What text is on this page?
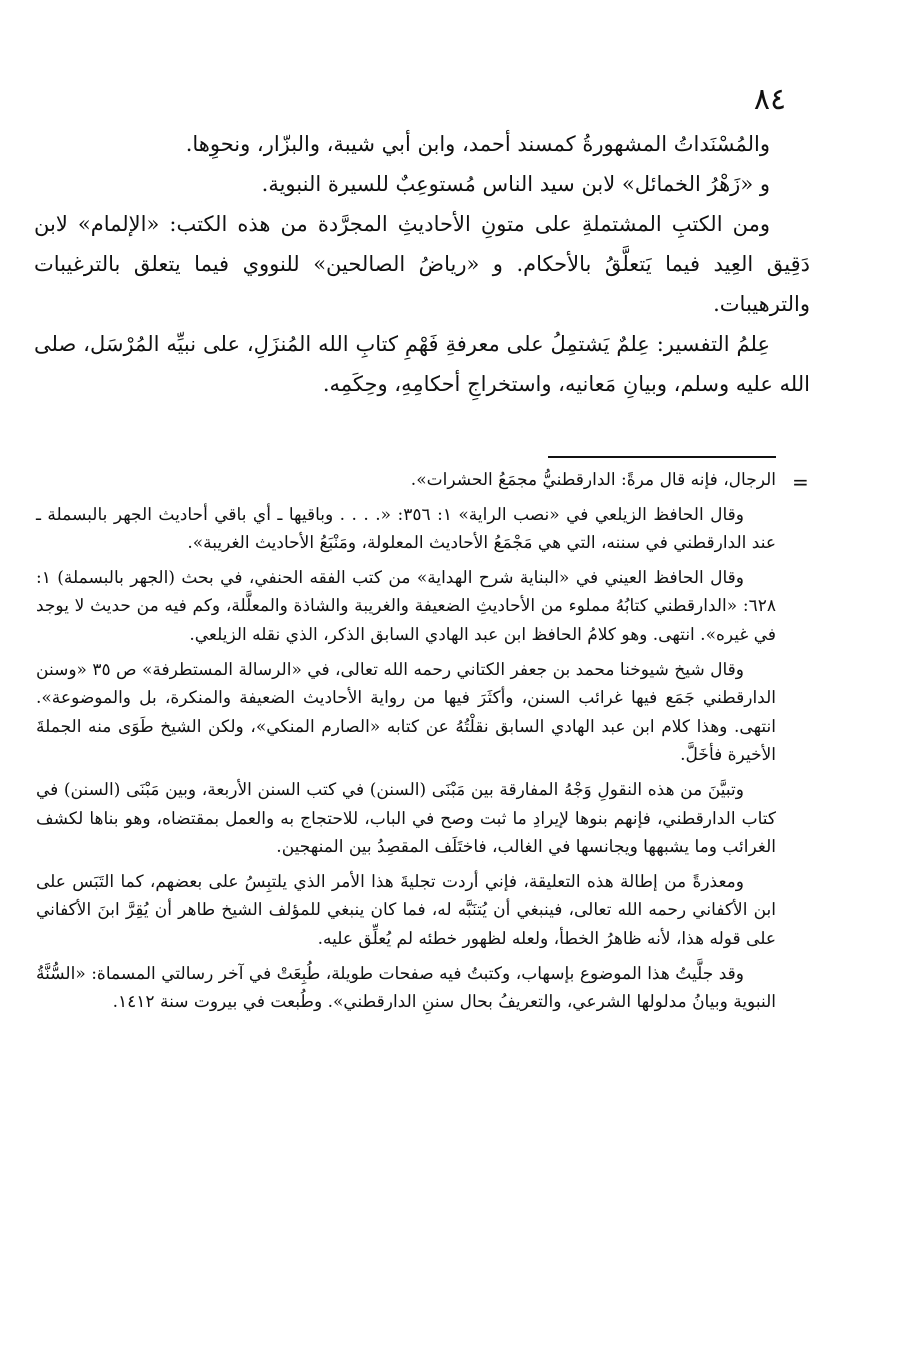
٨٤

والمُسْنَداتُ المشهورةُ كمسند أحمد، وابن أبي شيبة، والبزّار، ونحوِها.

و «زَهْرُ الخمائل» لابن سيد الناس مُستوعِبٌ للسيرة النبوية.

ومن الكتبِ المشتملةِ على متونِ الأحاديثِ المجرَّدة من هذه الكتب: «الإلمام» لابن دَقِيق العِيد فيما يَتعلَّقُ بالأحكام. و «رياضُ الصالحين» للنووي فيما يتعلق بالترغيبات والترهيبات.

عِلمُ التفسير: عِلمٌ يَشتمِلُ على معرفةِ فَهْمِ كتابِ الله المُنزَلِ، على نبيِّه المُرْسَل، صلى الله عليه وسلم، وبيانِ مَعانيه، واستخراجِ أحكامِهِ، وحِكَمِه.

=

الرجال، فإنه قال مرةً: الدارقطنيُّ مجمَعُ الحشرات».

وقال الحافظ الزيلعي في «نصب الراية» ١: ٣٥٦: «. . . . وباقيها ـ أي باقي أحاديث الجهر بالبسملة ـ عند الدارقطني في سننه، التي هي مَجْمَعُ الأحاديث المعلولة، ومَنْبَعُ الأحاديث الغريبة».

وقال الحافظ العيني في «البناية شرح الهداية» من كتب الفقه الحنفي، في بحث (الجهر بالبسملة) ١: ٦٢٨: «الدارقطني كتابُهُ مملوء من الأحاديثِ الضعيفة والغريبة والشاذة والمعلَّلة، وكم فيه من حديث لا يوجد في غيره». انتهى. وهو كلامُ الحافظ ابن عبد الهادي السابق الذكر، الذي نقله الزيلعي.

وقال شيخ شيوخنا محمد بن جعفر الكتاني رحمه الله تعالى، في «الرسالة المستطرفة» ص ٣٥ «وسنن الدارقطني جَمَع فيها غرائب السنن، وأكثَرَ فيها من رواية الأحاديث الضعيفة والمنكرة، بل والموضوعة». انتهى. وهذا كلام ابن عبد الهادي السابق نقلْتُهُ عن كتابه «الصارم المنكي»، ولكن الشيخ طَوَى منه الجملةَ الأخيرة فأخَلَّ.

وتبيَّنَ من هذه النقولِ وَجْهُ المفارقة بين مَبْنَى (السنن) في كتب السنن الأربعة، وبين مَبْنَى (السنن) في كتاب الدارقطني، فإنهم بنوها لإيرادِ ما ثبت وصح في الباب، للاحتجاج به والعمل بمقتضاه، وهو بناها لكشف الغرائب وما يشبهها ويجانسها في الغالب، فاختَلَف المقصِدُ بين المنهجين.

ومعذرةً من إطالة هذه التعليقة، فإني أردت تجليةَ هذا الأمر الذي يلتبِسُ على بعضهم، كما التَبَس على ابن الأكفاني رحمه الله تعالى، فينبغي أن يُتنَبَّه له، فما كان ينبغي للمؤلف الشيخ طاهر أن يُقِرَّ ابنَ الأكفاني على قوله هذا، لأنه ظاهرُ الخطأ، ولعله لظهور خطئه لم يُعلِّق عليه.

وقد جلَّيتُ هذا الموضوع بإسهاب، وكتبتُ فيه صفحات طويلة، طُبِعَتْ في آخر رسالتي المسماة: «السُّنَّةُ النبوية وبيانُ مدلولها الشرعي، والتعريفُ بحال سننِ الدارقطني». وطُبعت في بيروت سنة ١٤١٢.
